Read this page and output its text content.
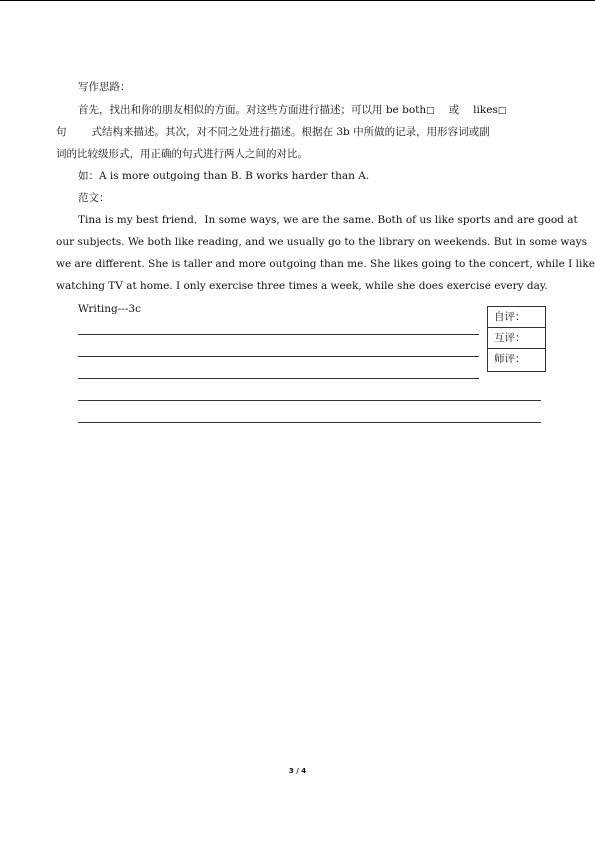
写作思路：
首先，找出和你的朋友相似的方面。对这些方面进行描述；可以用 be both□ 或 likes□
句 式结构来描述。其次，对不同之处进行描述。根据在 3b 中所做的记录，用形容词或副
词的比较级形式，用正确的句式进行两人之间的对比。
如：A is more outgoing than B. B works harder than A.
范文：
Tina is my best friend．In some ways, we are the same. Both of us like sports and are good at
our subjects. We both like reading, and we usually go to the library on weekends. But in some ways
we are different. She is taller and more outgoing than me. She likes going to the concert, while I like
watching TV at home. I only exercise three times a week, while she does exercise every day.
Writing---3c
自评：
互评：
师评：
3 / 4
